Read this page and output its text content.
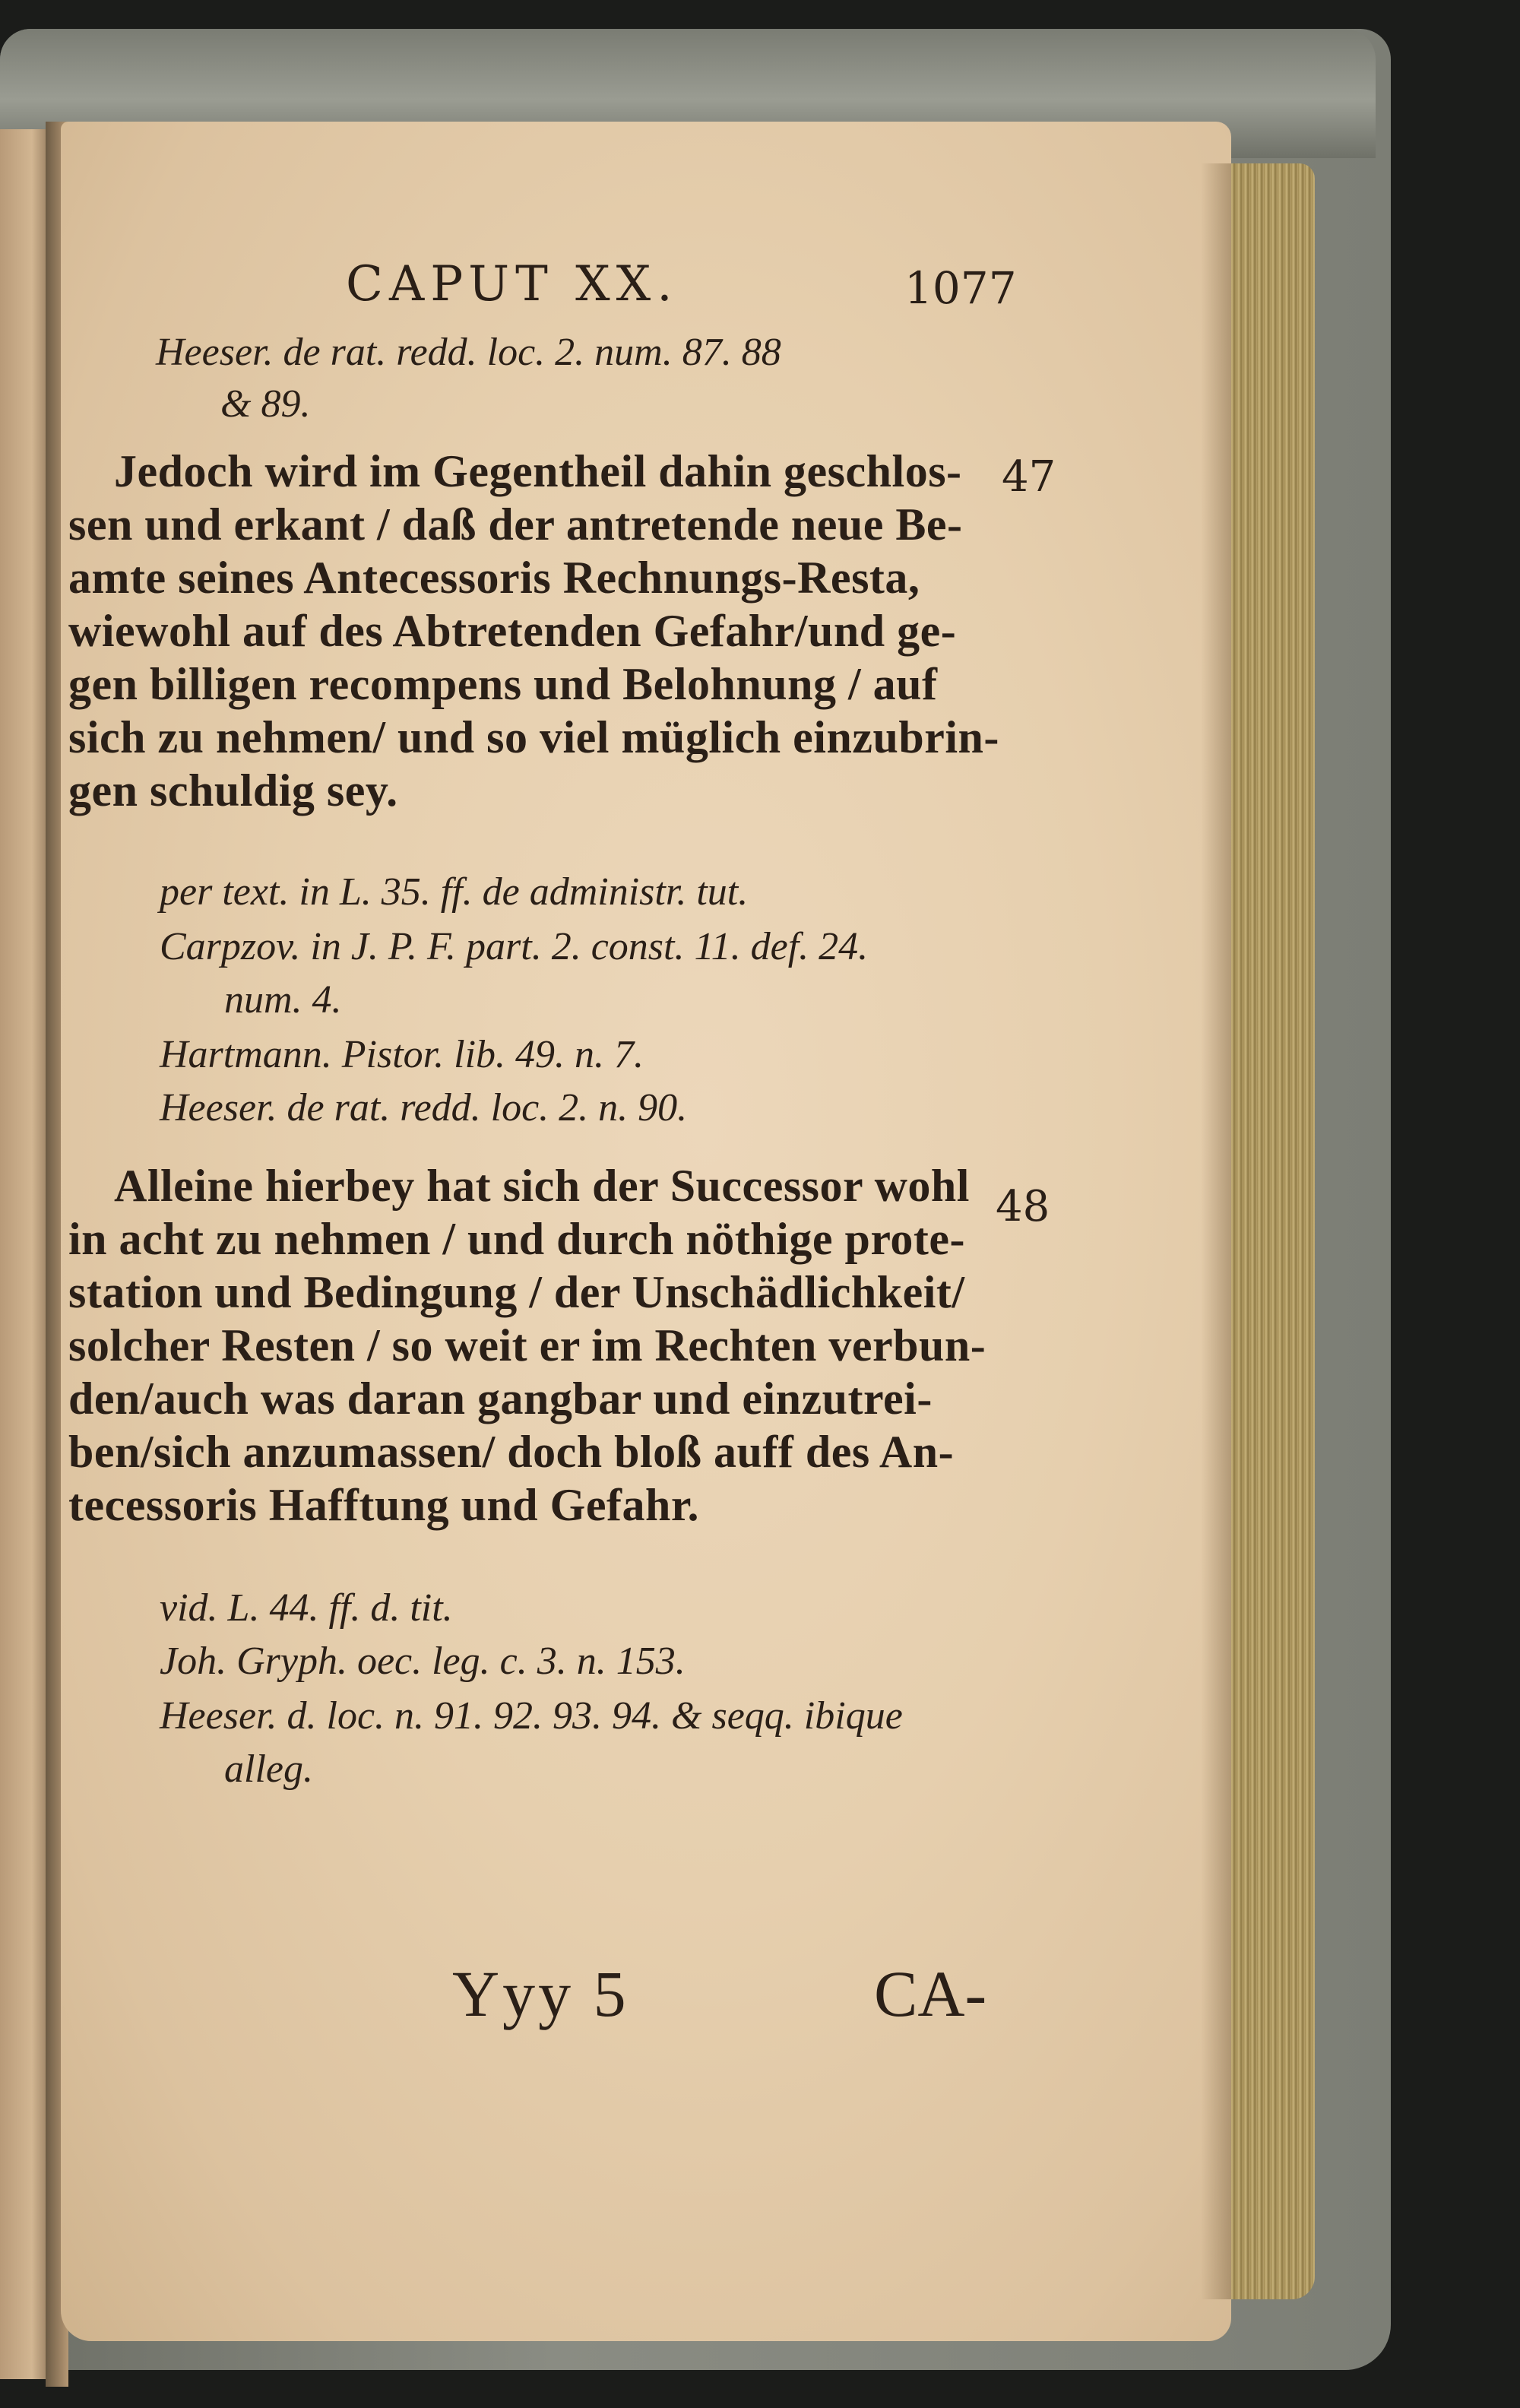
CAPUT XX.	1077
Heeser. de rat. redd. loc. 2. num. 87. 88
& 89.
Jedoch wird im Gegentheil dahin geschlos-
sen und erkant / daß der antretende neue Be-
amte seines Antecessoris Rechnungs-Resta,
wiewohl auf des Abtretenden Gefahr/und ge-
gen billigen recompens und Belohnung / auf
sich zu nehmen/ und so viel müglich einzubrin-
gen schuldig sey.
47
per text. in L. 35. ff. de administr. tut.
Carpzov. in J. P. F. part. 2. const. 11. def. 24.
num. 4.
Hartmann. Pistor. lib. 49. n. 7.
Heeser. de rat. redd. loc. 2. n. 90.
Alleine hierbey hat sich der Successor wohl
in acht zu nehmen / und durch nöthige prote-
station und Bedingung / der Unschädlichkeit/
solcher Resten / so weit er im Rechten verbun-
den/auch was daran gangbar und einzutrei-
ben/sich anzumassen/ doch bloß auff des An-
tecessoris Hafftung und Gefahr.
48
vid. L. 44. ff. d. tit.
Joh. Gryph. oec. leg. c. 3. n. 153.
Heeser. d. loc. n. 91. 92. 93. 94. & seqq. ibique
alleg.
Yyy 5	CA-
